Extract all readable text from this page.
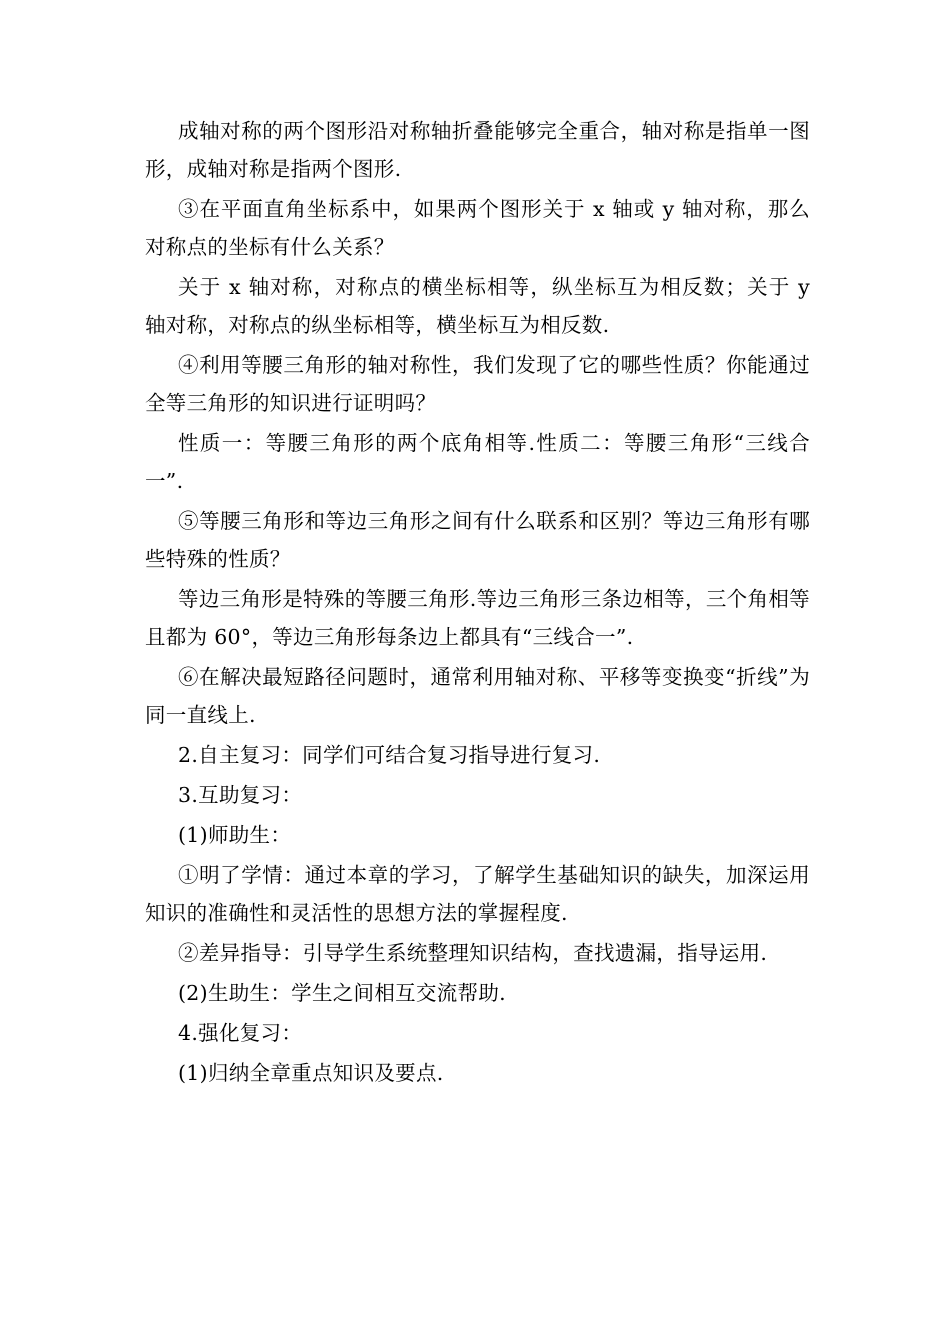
成轴对称的两个图形沿对称轴折叠能够完全重合，轴对称是指单一图形，成轴对称是指两个图形.

③在平面直角坐标系中，如果两个图形关于 x 轴或 y 轴对称，那么对称点的坐标有什么关系？

关于 x 轴对称，对称点的横坐标相等，纵坐标互为相反数；关于 y 轴对称，对称点的纵坐标相等，横坐标互为相反数.

④利用等腰三角形的轴对称性，我们发现了它的哪些性质？你能通过全等三角形的知识进行证明吗？

性质一：等腰三角形的两个底角相等.性质二：等腰三角形“三线合一”.

⑤等腰三角形和等边三角形之间有什么联系和区别？等边三角形有哪些特殊的性质？

等边三角形是特殊的等腰三角形.等边三角形三条边相等，三个角相等且都为 60°，等边三角形每条边上都具有“三线合一”.

⑥在解决最短路径问题时，通常利用轴对称、平移等变换变“折线”为同一直线上.

2.自主复习：同学们可结合复习指导进行复习.

3.互助复习：

(1)师助生：

①明了学情：通过本章的学习，了解学生基础知识的缺失，加深运用知识的准确性和灵活性的思想方法的掌握程度.

②差异指导：引导学生系统整理知识结构，查找遗漏，指导运用.

(2)生助生：学生之间相互交流帮助.

4.强化复习：

(1)归纳全章重点知识及要点.
